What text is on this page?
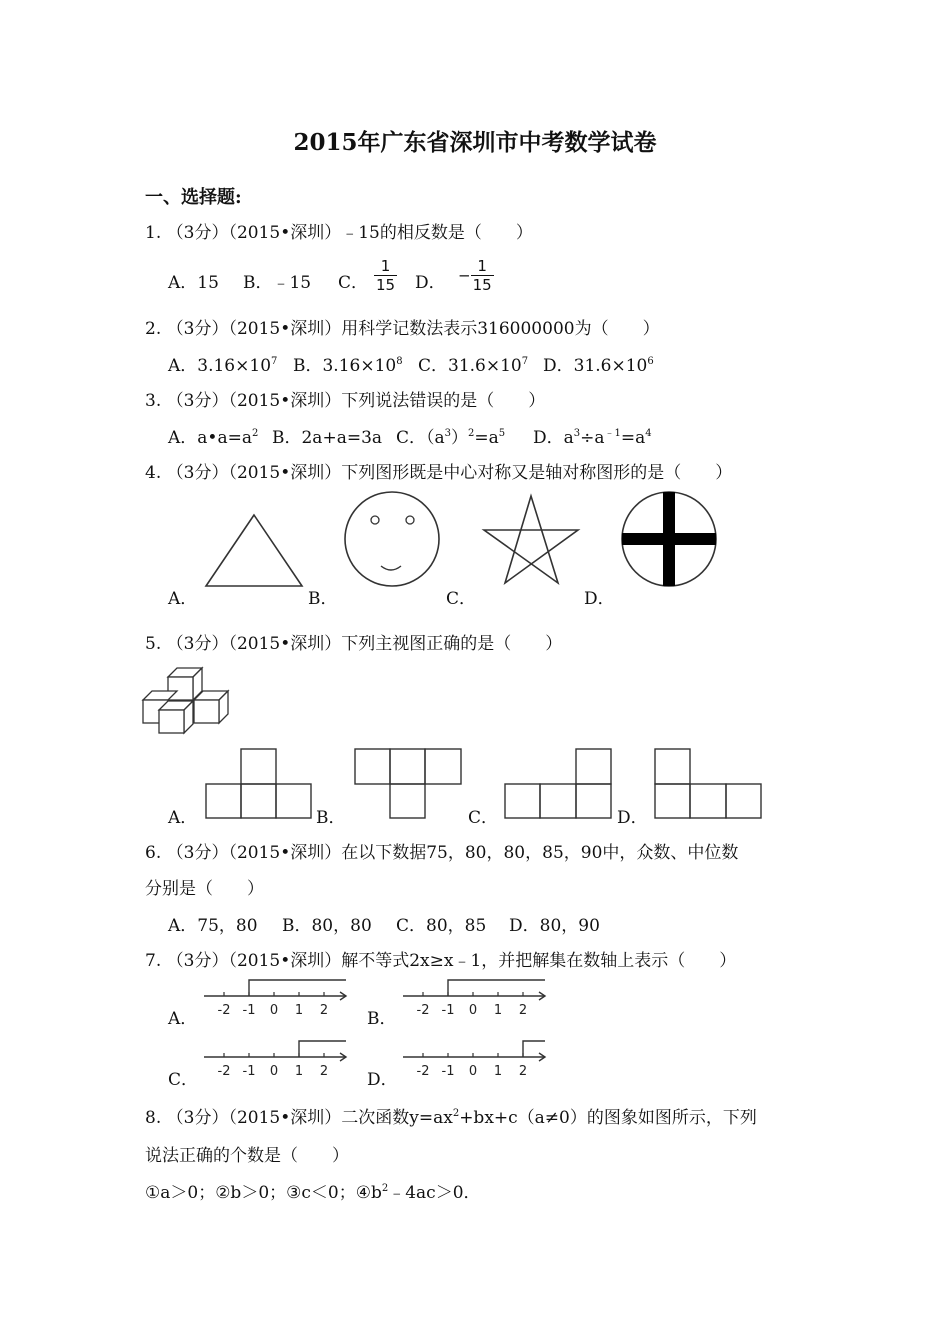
2015年广东省深圳市中考数学试卷
一、选择题:
1. （3分）（2015•深圳）﹣15的相反数是（　　）
A．15 B．﹣15 C． $\frac{1}{15}$ D． − $\frac{1}{15}$
2. （3分）（2015•深圳）用科学记数法表示316000000为（　　）
A．$3.16\times 10^7$ B．$3.16\times 10^8$ C．$31.6\times 10^7$ D．$31.6\times 10^6$
3. （3分）（2015•深圳）下列说法错误的是（　　）
A．$a•a=a^2$ B．2a+a=3a C．$(a^3)^2=a^5$ D．$a^3\div a^{﹣1}=a^4$
4. （3分）（2015•深圳）下列图形既是中心对称又是轴对称图形的是（　　）
A．	B．	C．	D．
5. （3分）（2015•深圳）下列主视图正确的是（　　）
A．	B．	C．	D．
6. （3分）（2015•深圳）在以下数据75，80，80，85，90中，众数、中位数
分别是（　　）
A．75，80 B．80，80 C．80，85 D．80，90
7. （3分）（2015•深圳）解不等式2x≥x﹣1，并把解集在数轴上表示（　　）
A．	B．
C．	D．
-2 -1 0 1 2	-2 -1 0 1 2
-2 -1 0 1 2	-2 -1 0 1 2
8. （3分）（2015•深圳）二次函数$y=ax^2+bx+c(a\ne 0)$的图象如图所示，下列
说法正确的个数是（　　）
①a＞0；②b＞0；③c＜0；$④b^2﹣4ac>0$．
